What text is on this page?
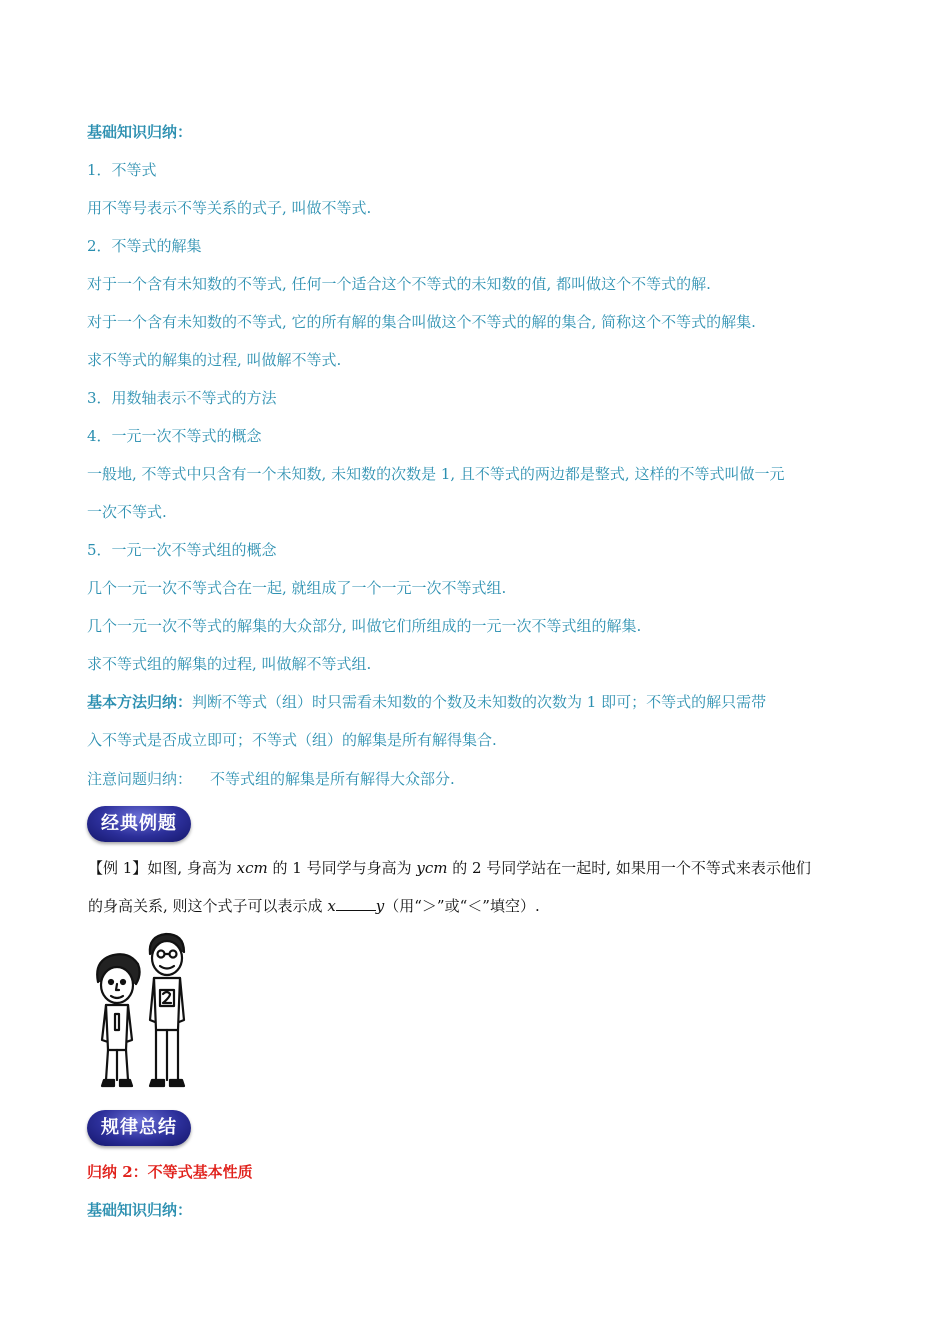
基础知识归纳：
1．不等式
用不等号表示不等关系的式子, 叫做不等式.
2．不等式的解集
对于一个含有未知数的不等式, 任何一个适合这个不等式的未知数的值, 都叫做这个不等式的解.
对于一个含有未知数的不等式, 它的所有解的集合叫做这个不等式的解的集合, 简称这个不等式的解集.
求不等式的解集的过程, 叫做解不等式.
3．用数轴表示不等式的方法
4．一元一次不等式的概念
一般地, 不等式中只含有一个未知数, 未知数的次数是 1, 且不等式的两边都是整式, 这样的不等式叫做一元
一次不等式.
5．一元一次不等式组的概念
几个一元一次不等式合在一起, 就组成了一个一元一次不等式组.
几个一元一次不等式的解集的大众部分, 叫做它们所组成的一元一次不等式组的解集.
求不等式组的解集的过程, 叫做解不等式组.
基本方法归纳：判断不等式（组）时只需看未知数的个数及未知数的次数为 1 即可；不等式的解只需带
入不等式是否成立即可；不等式（组）的解集是所有解得集合.
注意问题归纳： 不等式组的解集是所有解得大众部分.
经典例题
【例 1】如图, 身高为 xcm 的 1 号同学与身高为 ycm 的 2 号同学站在一起时, 如果用一个不等式来表示他们
的身高关系, 则这个式子可以表示成 x	y（用“＞”或“＜”填空）.
规律总结
归纳 2：不等式基本性质
基础知识归纳：
